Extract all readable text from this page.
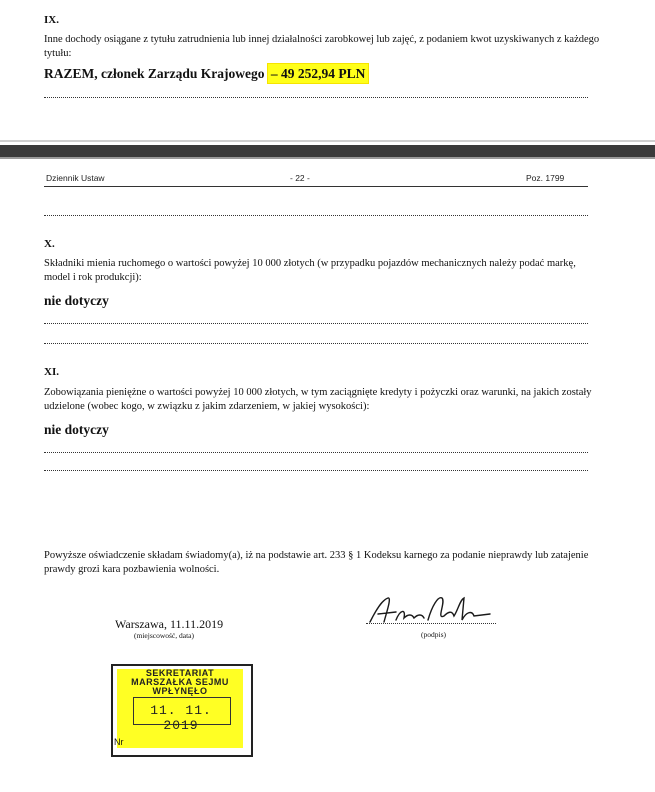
IX.
Inne dochody osiągane z tytułu zatrudnienia lub innej działalności zarobkowej lub zajęć, z podaniem kwot uzyskiwanych z każdego tytułu:
RAZEM, członek Zarządu Krajowego – 49 252,94 PLN
Dziennik Ustaw	- 22 -	Poz. 1799
X.
Składniki mienia ruchomego o wartości powyżej 10 000 złotych (w przypadku pojazdów mechanicznych należy podać markę, model i rok produkcji):
nie dotyczy
XI.
Zobowiązania pieniężne o wartości powyżej 10 000 złotych, w tym zaciągnięte kredyty i pożyczki oraz warunki, na jakich zostały udzielone (wobec kogo, w związku z jakim zdarzeniem, w jakiej wysokości):
nie dotyczy
Powyższe oświadczenie składam świadomy(a), iż na podstawie art. 233 § 1 Kodeksu karnego za podanie nieprawdy lub zatajenie prawdy grozi kara pozbawienia wolności.
Warszawa, 11.11.2019
(miejscowość, data)	(podpis)
SEKRETARIAT
MARSZAŁKA SEJMU
WPŁYNĘŁO
11. 11. 2019
Nr
